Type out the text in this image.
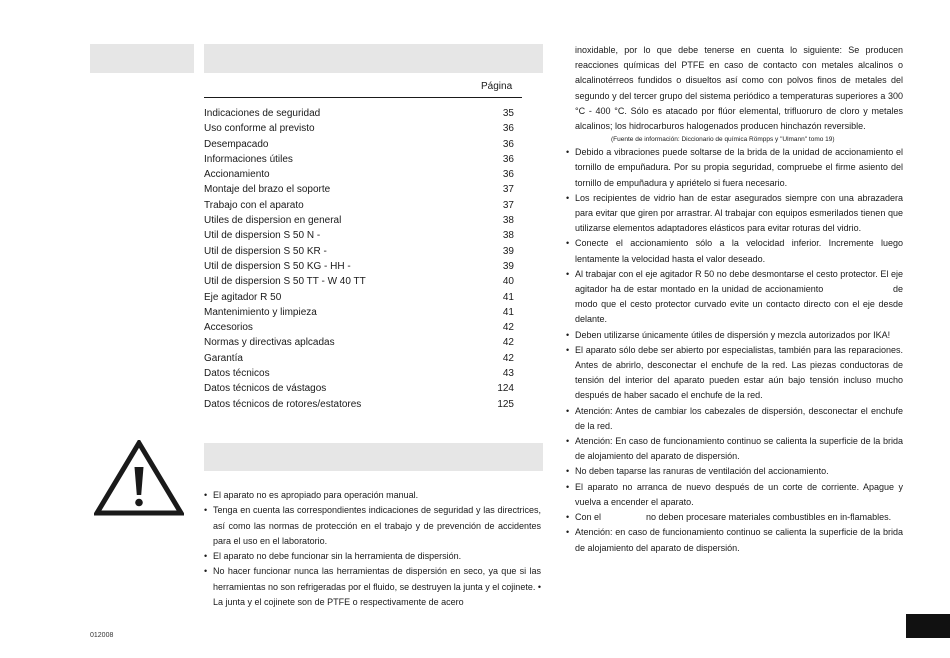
Página
Indicaciones de seguridad	35
Uso conforme al previsto	36
Desempacado	36
Informaciones útiles	36
Accionamiento	36
Montaje del brazo el soporte	37
Trabajo con el aparato	37
Utiles de dispersion en general	38
Util de dispersion S 50 N -	38
Util de dispersion S 50 KR -	39
Util de dispersion S 50 KG - HH -	39
Util de dispersion S 50 TT - W 40 TT	40
Eje agitador R 50	41
Mantenimiento y limpieza	41
Accesorios	42
Normas y directivas aplcadas	42
Garantía	42
Datos técnicos	43
Datos técnicos de vástagos	124
Datos técnicos de rotores/estatores	125
• El aparato no es apropiado para operación manual.
• Tenga en cuenta las correspondientes indicaciones de seguridad y las directrices, así como las normas de protección en el trabajo y de prevención de accidentes para el uso en el laboratorio.
• El aparato no debe funcionar sin la herramienta de dispersión.
• No hacer funcionar nunca las herramientas de dispersión en seco, ya que si las herramientas no son refrigeradas por el fluido, se destruyen la junta y el cojinete. • La junta y el cojinete son de PTFE o respectivamente de acero
inoxidable, por lo que debe tenerse en cuenta lo siguiente: Se producen reacciones químicas del PTFE en caso de contacto con metales alcalinos o alcalinotérreos fundidos o disueltos así como con polvos finos de metales del segundo y del tercer grupo del sistema periódico a temperaturas superiores a 300 °C - 400 °C. Sólo es atacado por flúor elemental, trifluoruro de cloro y metales alcalinos; los hidrocarburos halogenados producen hinchazón reversible.
(Fuente de información: Diccionario de química Römpps y "Ulmann" tomo 19)
• Debido a vibraciones puede soltarse de la brida de la unidad de accionamiento el tornillo de empuñadura. Por su propia seguridad, compruebe el firme asiento del tornillo de empuñadura y apriételo si fuera necesario.
• Los recipientes de vidrio han de estar asegurados siempre con una abrazadera para evitar que giren por arrastrar. Al trabajar con equipos esmerilados tienen que utilizarse elementos adaptadores elásticos para evitar roturas del vidrio.
• Conecte el accionamiento sólo a la velocidad inferior. Incremente luego lentamente la velocidad hasta el valor deseado.
• Al trabajar con el eje agitador R 50 no debe desmontarse el cesto protector. El eje agitador ha de estar montado en la unidad de accionamiento                      de modo que el cesto protector curvado evite un contacto directo con el eje desde delante.
• Deben utilizarse únicamente útiles de dispersión y mezcla autorizados por IKA!
• El aparato sólo debe ser abierto por especialistas, también para las reparaciones. Antes de abrirlo, desconectar el enchufe de la red. Las piezas conductoras de tensión del interior del aparato pueden estar aún bajo tensión incluso mucho después de haber sacado el enchufe de la red.
• Atención: Antes de cambiar los cabezales de dispersión, desconectar el enchufe de la red.
• Atención: En caso de funcionamiento continuo se calienta la superficie de la brida de alojamiento del aparato de dispersión.
• No deben taparse las ranuras de ventilación del accionamiento.
• El aparato no arranca de nuevo después de un corte de corriente. Apague y vuelva a encender el aparato.
• Con el                  no deben procesare materiales combustibles en in-flamables.
• Atención: en caso de funcionamiento continuo se calienta la superficie de la brida de alojamiento del aparato de dispersión.
012008
